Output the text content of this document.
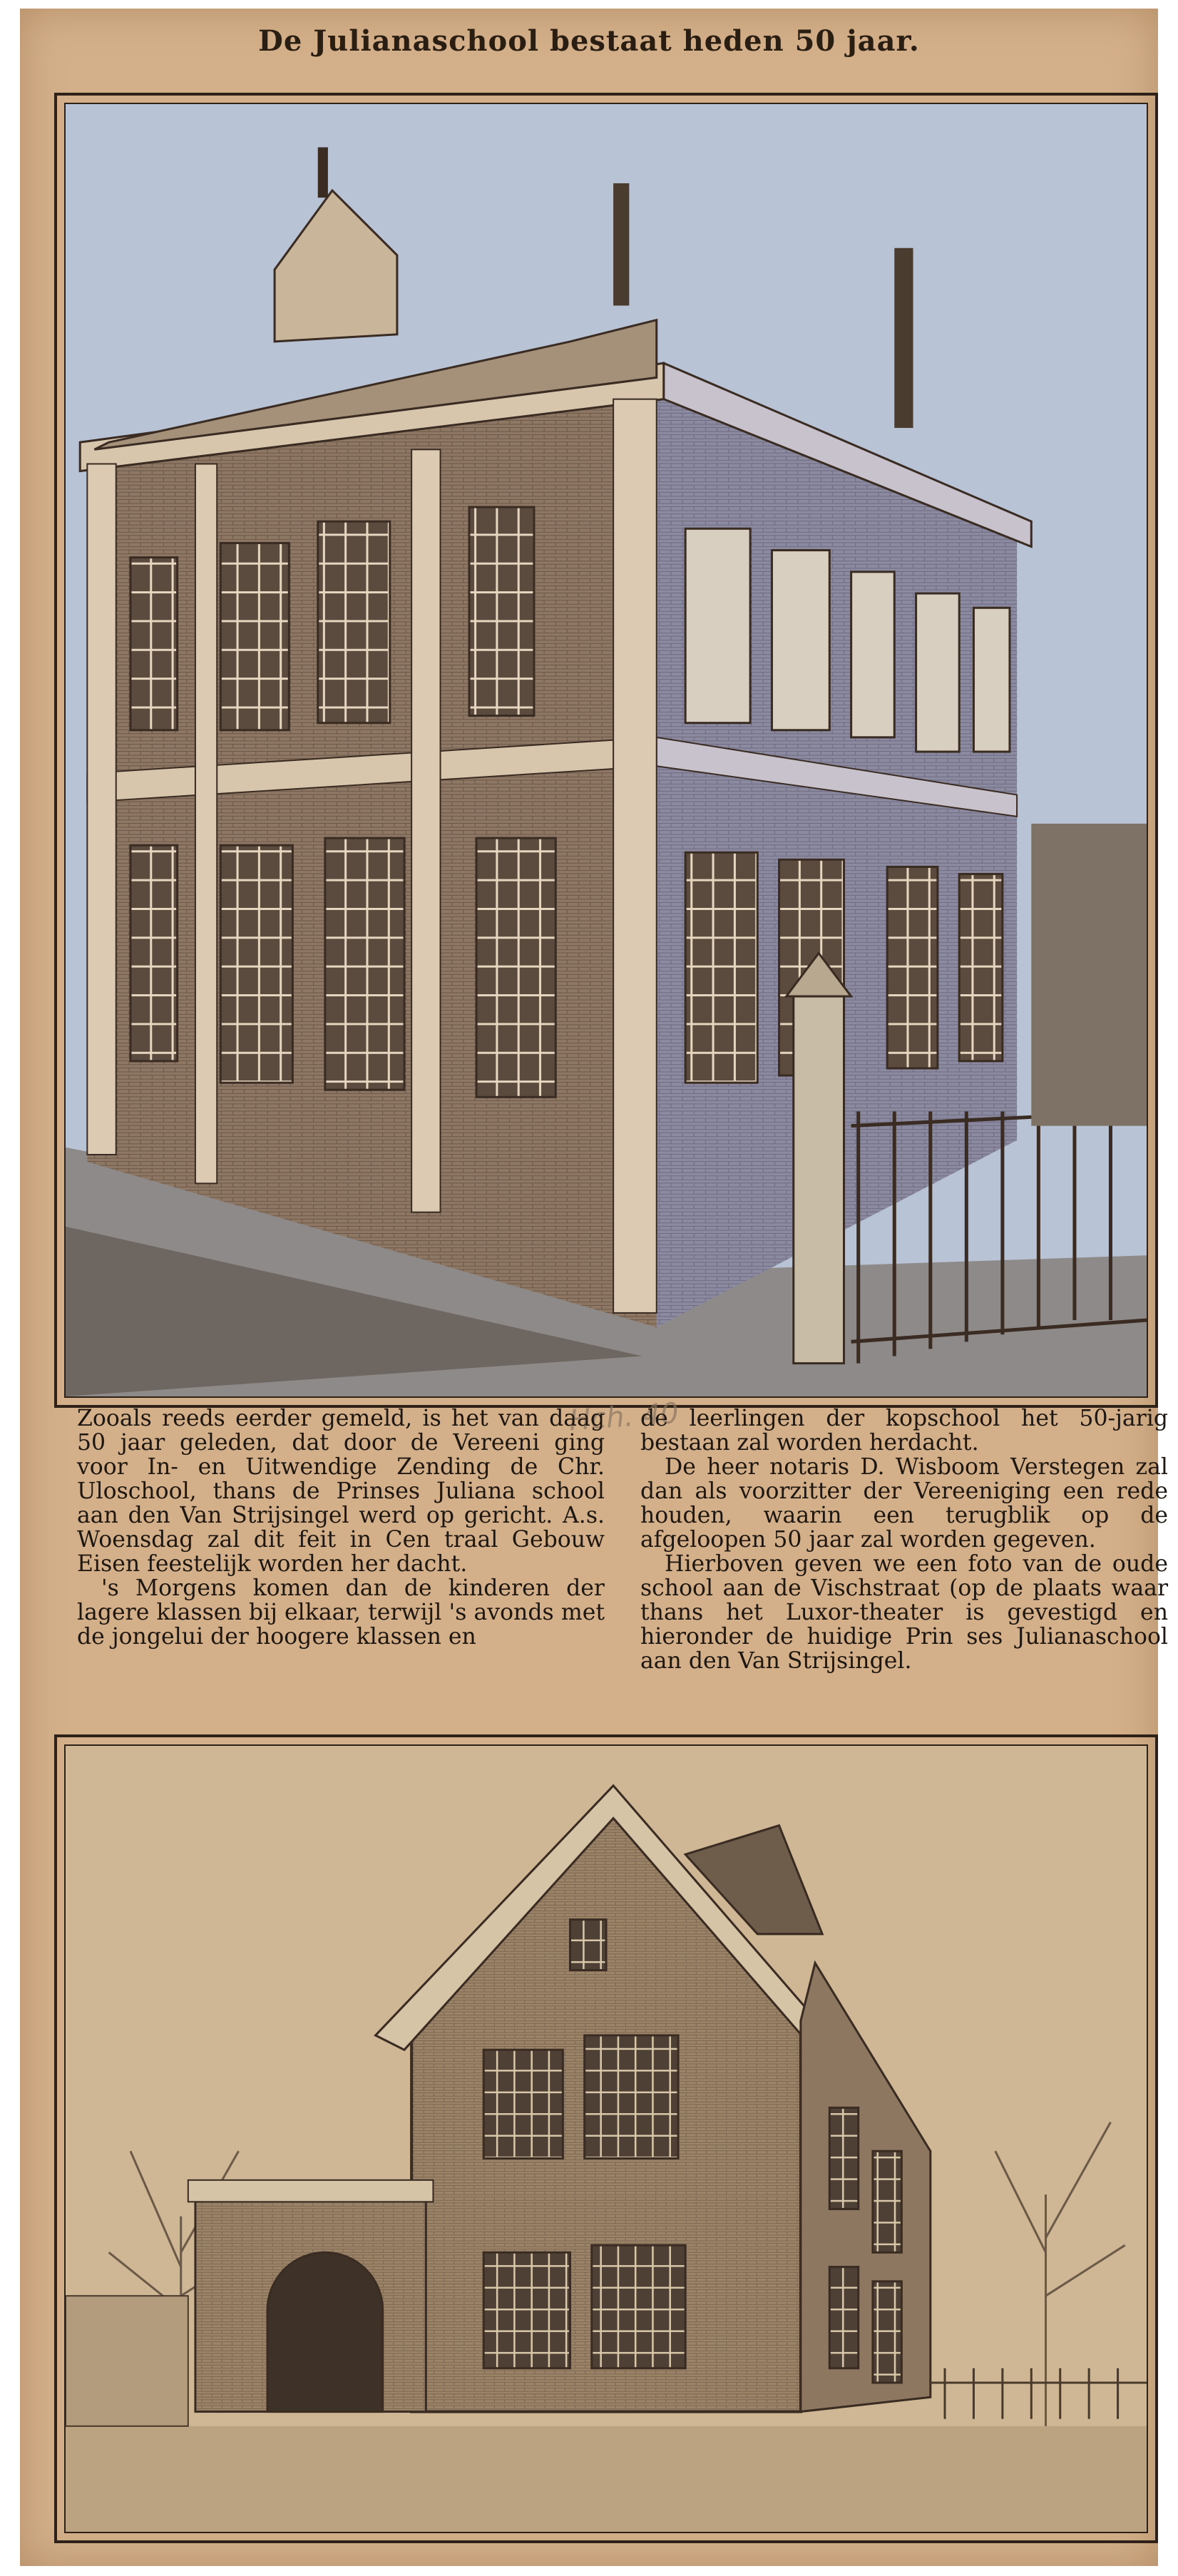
De Julianaschool bestaat heden 50 jaar.
Hch. 40

Zooals reeds eerder gemeld, is het van daag 50 jaar geleden, dat door de Vereeni ging voor In- en Uitwendige Zending de Chr. Uloschool, thans de Prinses Juliana school aan den Van Strijsingel werd op gericht. A.s. Woensdag zal dit feit in Cen traal Gebouw Eisen feestelijk worden her dacht.

's Morgens komen dan de kinderen der lagere klassen bij elkaar, terwijl 's avonds met de jongelui der hoogere klassen en

de leerlingen der kopschool het 50-jarig bestaan zal worden herdacht.

De heer notaris D. Wisboom Verstegen zal dan als voorzitter der Vereeniging een rede houden, waarin een terugblik op de afgeloopen 50 jaar zal worden gegeven.

Hierboven geven we een foto van de oude school aan de Vischstraat (op de plaats waar thans het Luxor-theater is gevestigd en hieronder de huidige Prin ses Julianaschool aan den Van Strijsingel.
